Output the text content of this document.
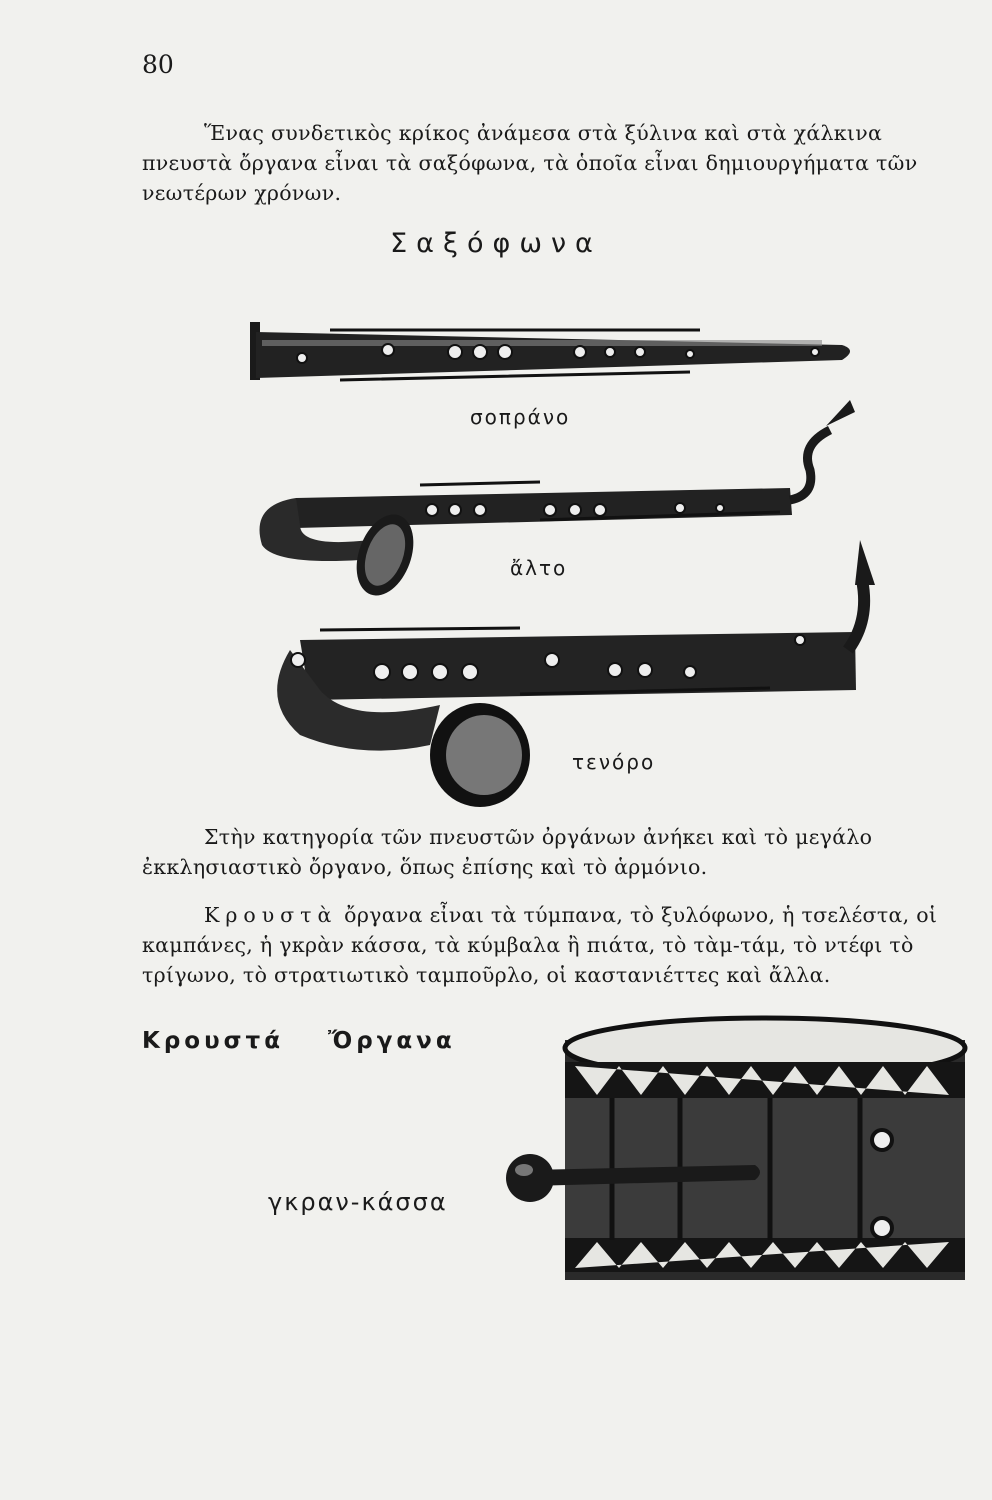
80

Ἕνας συνδετικὸς κρίκος ἀνάμεσα στὰ ξύλινα καὶ στὰ χάλκινα πνευστὰ ὄργανα εἶναι τὰ σαξόφωνα, τὰ ὁποῖα εἶναι δημιουργήματα τῶν νεωτέρων χρόνων.

Σαξόφωνα
σοπράνο
ἄλτο
τενόρο

Στὴν κατηγορία τῶν πνευστῶν ὀργάνων ἀνήκει καὶ τὸ μεγάλο ἐκκλησιαστικὸ ὄργανο, ὅπως ἐπίσης καὶ τὸ ἁρμόνιο.

Κρουστὰ ὄργανα εἶναι τὰ τύμπανα, τὸ ξυλόφωνο, ἡ τσελέστα, οἱ καμπάνες, ἡ γκρὰν κάσσα, τὰ κύμβαλα ἢ πιάτα, τὸ τὰμ-τάμ, τὸ ντέφι τὸ τρίγωνο, τὸ στρατιωτικὸ ταμποῦρλο, οἱ καστανιέττες καὶ ἄλλα.

Κρουστά Ὄργανα
γκραν-κάσσα
